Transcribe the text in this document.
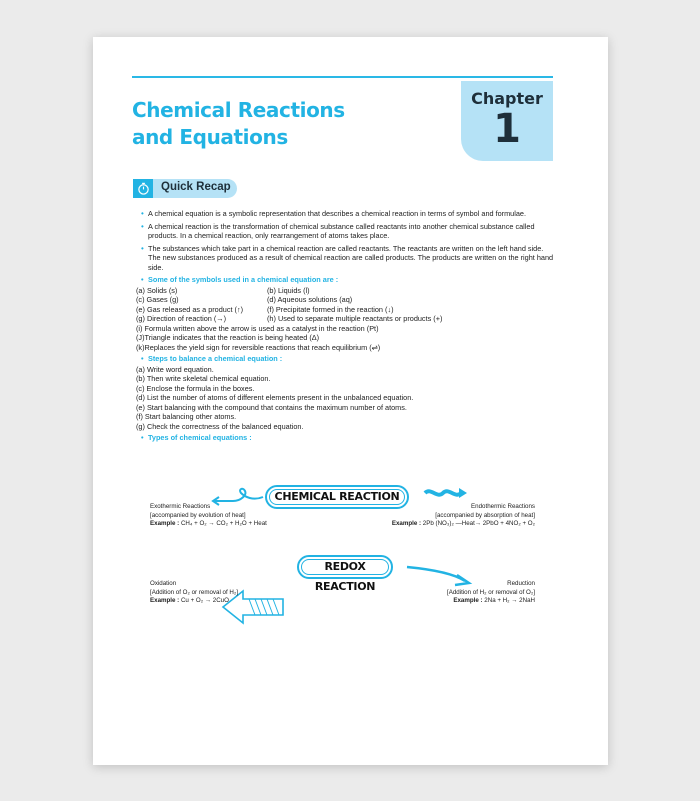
Chemical Reactions
and Equations
Chapter
1
Quick Recap
• A chemical equation is a symbolic representation that describes a chemical reaction in terms of symbol and formulae.
• A chemical reaction is the transformation of chemical substance called reactants into another chemical substance called products. In a chemical reaction, only rearrangement of atoms takes place.
• The substances which take part in a chemical reaction are called reactants. The reactants are written on the left hand side. The new substances produced as a result of chemical reaction are called products. The products are written on the right hand side.
• Some of the symbols used in a chemical equation are :
(a) Solids (s)	(b) Liquids (l)
(c) Gases (g)	(d) Aqueous solutions (aq)
(e) Gas released as a product (↑)	(f) Precipitate formed in the reaction (↓)
(g) Direction of reaction (→)	(h) Used to separate multiple reactants or products (+)
(i) Formula written above the arrow is used as a catalyst in the reaction (Pt)
(J)Triangle indicates that the reaction is being heated (Δ)
(k)Replaces the yield sign for reversible reactions that reach equilibrium (⇌)
• Steps to balance a chemical equation :
(a) Write word equation.
(b) Then write skeletal chemical equation.
(c) Enclose the formula in the boxes.
(d) List the number of atoms of different elements present in the unbalanced equation.
(e) Start balancing with the compound that contains the maximum number of atoms.
(f) Start balancing other atoms.
(g) Check the correctness of the balanced equation.
• Types of chemical equations :
CHEMICAL REACTION
REDOX REACTION
Exothermic Reactions
[accompanied by evolution of heat]
Example : CH₄ + O₂ → CO₂ + H₂O + Heat
Endothermic Reactions
[accompanied by absorption of heat]
Example : 2Pb (NO₃)₂ —Heat→ 2PbO + 4NO₂ + O₂
Oxidation
[Addition of O₂ or removal of H₂]
Example : Cu + O₂ → 2CuO
Reduction
[Addition of H₂ or removal of O₂]
Example : 2Na + H₂ → 2NaH
